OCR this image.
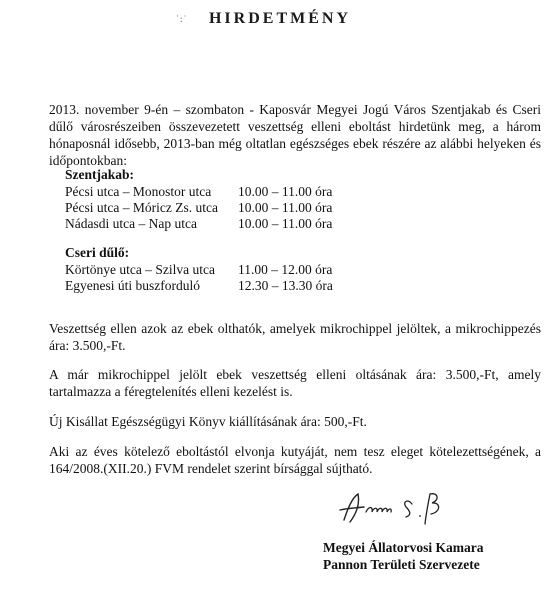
˙:˙	HIRDETMÉNY

2013. november 9-én – szombaton - Kaposvár Megyei Jogú Város Szentjakab és Cseri dűlő városrészeiben összevezetett veszettség elleni eboltást hirdetünk meg, a három hónaposnál idősebb, 2013-ban még oltatlan egészséges ebek részére az alábbi helyeken és időpontokban:

Szentjakab:
Pécsi utca – Monostor utca	10.00 – 11.00 óra
Pécsi utca – Móricz Zs. utca	10.00 – 11.00 óra
Nádasdi utca – Nap utca	10.00 – 11.00 óra
Cseri dűlő:
Körtönye utca – Szilva utca	11.00 – 12.00 óra
Egyenesi úti buszforduló	12.30 – 13.30 óra

Veszettség ellen azok az ebek olthatók, amelyek mikrochippel jelöltek, a mikrochippezés ára: 3.500,-Ft.

A már mikrochippel jelölt ebek veszettség elleni oltásának ára: 3.500,-Ft, amely tartalmazza a féregtelenítés elleni kezelést is.

Új Kisállat Egészségügyi Könyv kiállításának ára: 500,-Ft.

Aki az éves kötelező eboltástól elvonja kutyáját, nem tesz eleget kötelezettségének, a 164/2008.(XII.20.) FVM rendelet szerint bírsággal sújtható.

Megyei Állatorvosi Kamara
Pannon Területi Szervezete
